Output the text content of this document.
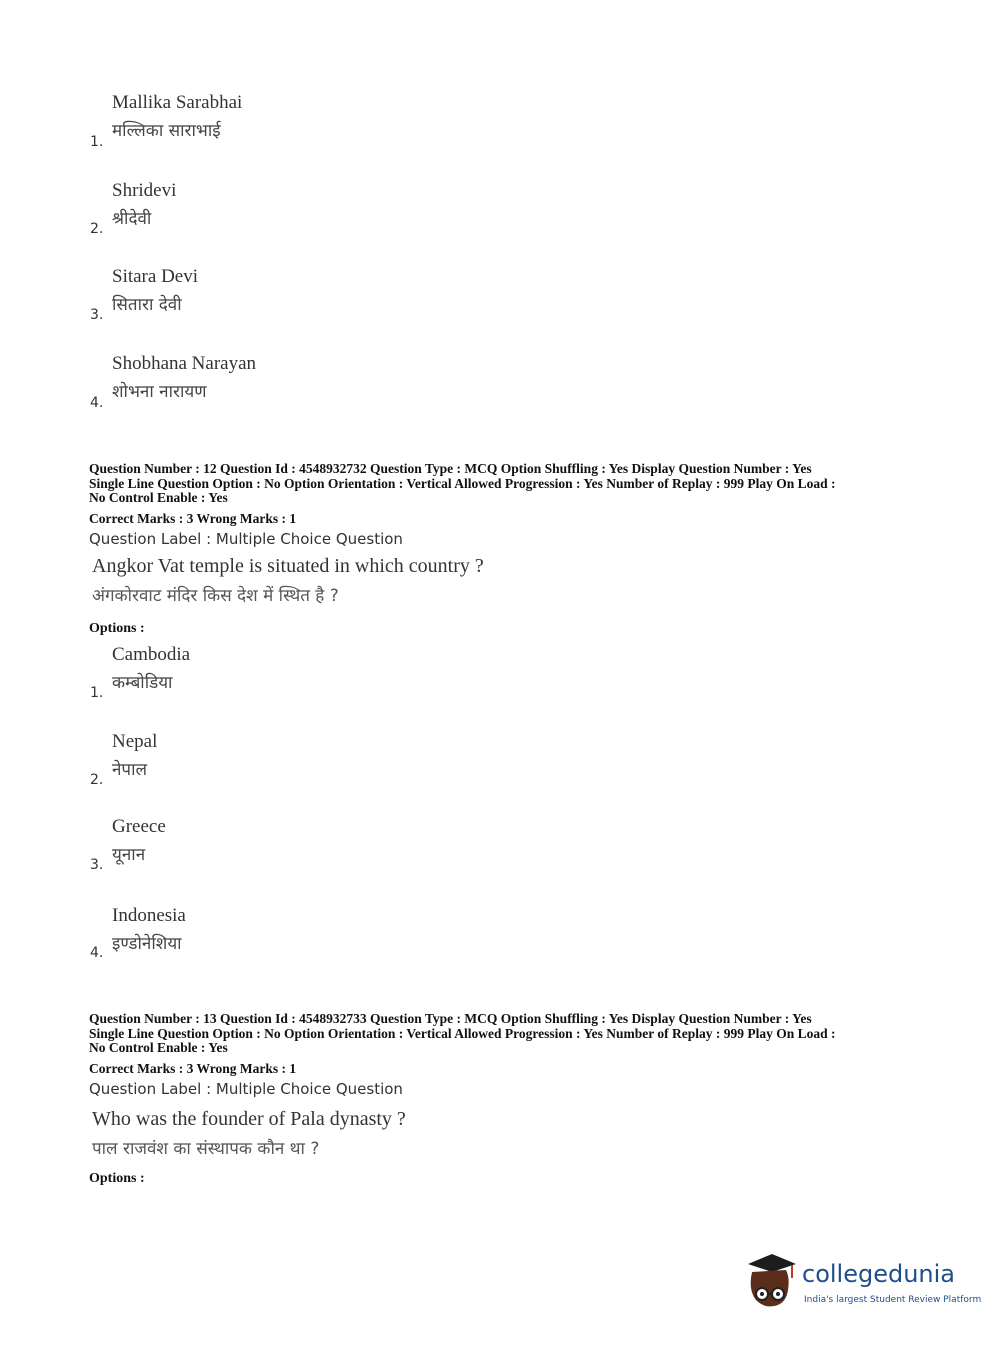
Mallika Sarabhai
मल्लिका साराभाई
1.
Shridevi
श्रीदेवी
2.
Sitara Devi
सितारा देवी
3.
Shobhana Narayan
शोभना नारायण
4.
Question Number : 12 Question Id : 4548932732 Question Type : MCQ Option Shuffling : Yes Display Question Number : Yes
Single Line Question Option : No Option Orientation : Vertical Allowed Progression : Yes Number of Replay : 999 Play On Load :
No Control Enable : Yes
Correct Marks : 3 Wrong Marks : 1
Question Label : Multiple Choice Question
Angkor Vat temple is situated in which country ?
अंगकोरवाट मंदिर किस देश में स्थित है ?
Options :
Cambodia
कम्बोडिया
1.
Nepal
नेपाल
2.
Greece
यूनान
3.
Indonesia
इण्डोनेशिया
4.
Question Number : 13 Question Id : 4548932733 Question Type : MCQ Option Shuffling : Yes Display Question Number : Yes
Single Line Question Option : No Option Orientation : Vertical Allowed Progression : Yes Number of Replay : 999 Play On Load :
No Control Enable : Yes
Correct Marks : 3 Wrong Marks : 1
Question Label : Multiple Choice Question
Who was the founder of Pala dynasty ?
पाल राजवंश का संस्थापक कौन था ?
Options :
collegedunia
India's largest Student Review Platform
